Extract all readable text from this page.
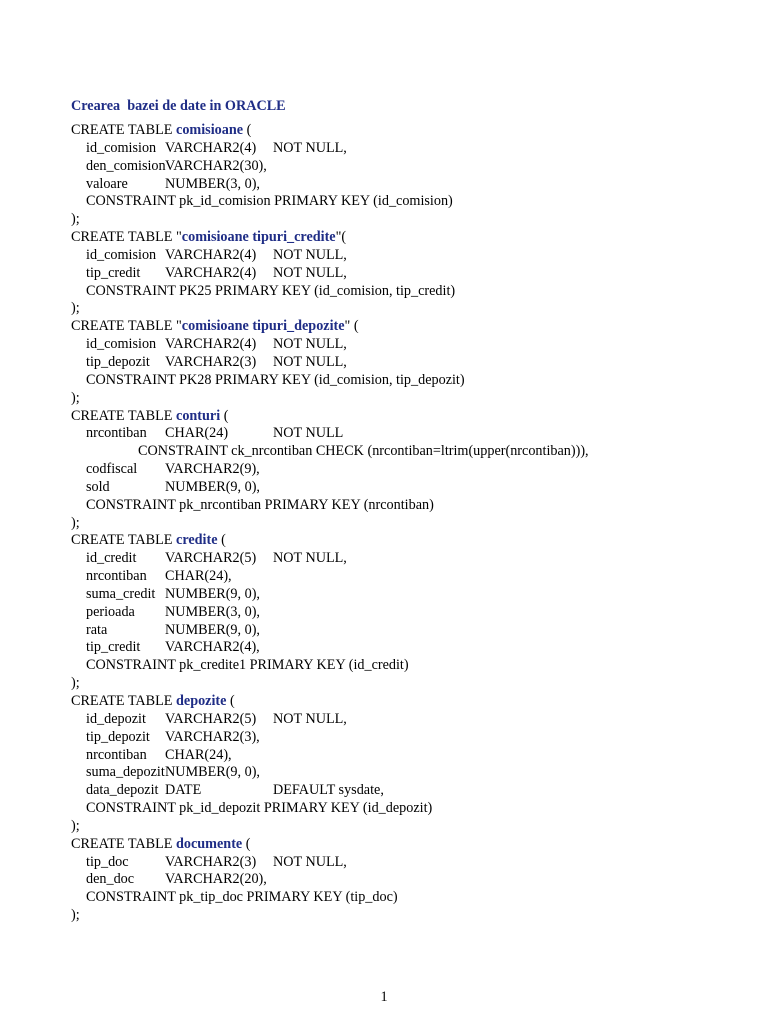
Crearea  bazei de date in ORACLE
CREATE TABLE comisioane (
id_comision VARCHAR2(4) NOT NULL,
den_comisionVARCHAR2(30),
valoare	NUMBER(3, 0),
CONSTRAINT pk_id_comision PRIMARY KEY (id_comision)
);
CREATE TABLE "comisioane tipuri_credite"(
id_comision VARCHAR2(4) NOT NULL,
tip_credit VARCHAR2(4) NOT NULL,
CONSTRAINT PK25 PRIMARY KEY (id_comision, tip_credit)
);
CREATE TABLE "comisioane tipuri_depozite" (
id_comision VARCHAR2(4) NOT NULL,
tip_depozit VARCHAR2(3) NOT NULL,
CONSTRAINT PK28 PRIMARY KEY (id_comision, tip_depozit)
);
CREATE TABLE conturi (
nrcontiban CHAR(24)	NOT NULL
CONSTRAINT ck_nrcontiban CHECK (nrcontiban=ltrim(upper(nrcontiban))),
codfiscal VARCHAR2(9),
sold	NUMBER(9, 0),
CONSTRAINT pk_nrcontiban PRIMARY KEY (nrcontiban)
);
CREATE TABLE credite (
id_credit VARCHAR2(5) NOT NULL,
nrcontiban CHAR(24),
suma_credit NUMBER(9, 0),
perioada NUMBER(3, 0),
rata	NUMBER(9, 0),
tip_credit VARCHAR2(4),
CONSTRAINT pk_credite1 PRIMARY KEY (id_credit)
);
CREATE TABLE depozite (
id_depozit VARCHAR2(5) NOT NULL,
tip_depozit VARCHAR2(3),
nrcontiban CHAR(24),
suma_depozitNUMBER(9, 0),
data_depozit DATE	DEFAULT sysdate,
CONSTRAINT pk_id_depozit PRIMARY KEY (id_depozit)
);
CREATE TABLE documente (
tip_doc	VARCHAR2(3) NOT NULL,
den_doc VARCHAR2(20),
CONSTRAINT pk_tip_doc PRIMARY KEY (tip_doc)
);
1
